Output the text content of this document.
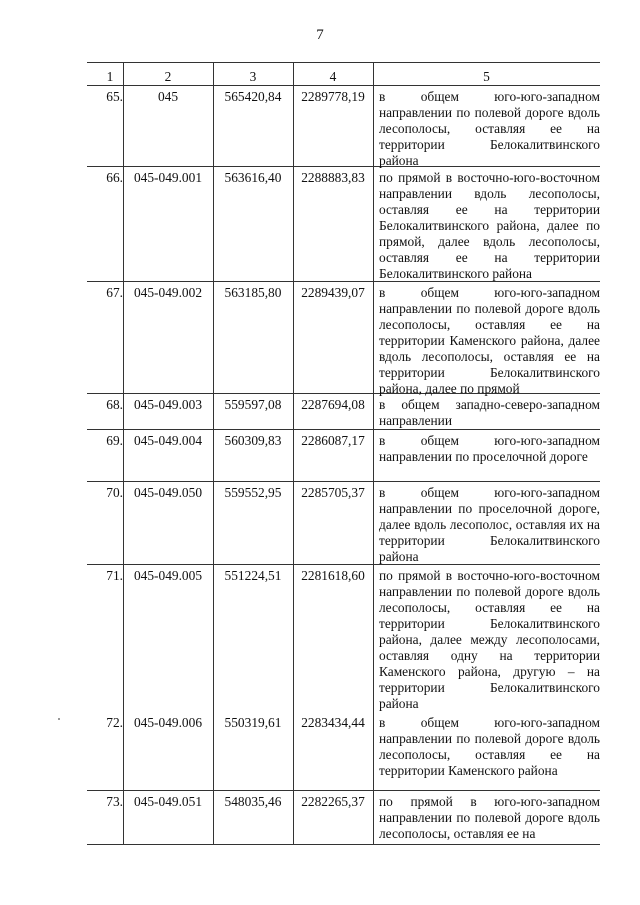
7
1	2	3	4	5
65.	045	565420,84	2289778,19	в общем юго-юго-западном направлении по полевой дороге вдоль лесополосы, оставляя ее на территории Белокалитвинского района
66. 045-049.001	563616,40	2288883,83	по прямой в восточно-юго-восточном направлении вдоль лесополосы, оставляя ее на территории Белокалитвинского района, далее по прямой, далее вдоль лесополосы, оставляя ее на территории Белокалитвинского района
67. 045-049.002	563185,80	2289439,07	в общем юго-юго-западном направлении по полевой дороге вдоль лесополосы, оставляя ее на территории Каменского района, далее вдоль лесополосы, оставляя ее на территории Белокалитвинского района, далее по прямой
68. 045-049.003	559597,08	2287694,08	в общем западно-северо-западном направлении
69. 045-049.004	560309,83	2286087,17	в общем юго-юго-западном направлении по проселочной дороге
70. 045-049.050	559552,95	2285705,37	в общем юго-юго-западном направлении по проселочной дороге, далее вдоль лесополос, оставляя их на территории Белокалитвинского района
71. 045-049.005	551224,51	2281618,60	по прямой в восточно-юго-восточном направлении по полевой дороге вдоль лесополосы, оставляя ее на территории Белокалитвинского района, далее между лесополосами, оставляя одну на территории Каменского района, другую – на территории Белокалитвинского района
72. 045-049.006	550319,61	2283434,44	в общем юго-юго-западном направлении по полевой дороге вдоль лесополосы, оставляя ее на территории Каменского района
73. 045-049.051	548035,46	2282265,37	по прямой в юго-юго-западном направлении по полевой дороге вдоль лесополосы, оставляя ее на
